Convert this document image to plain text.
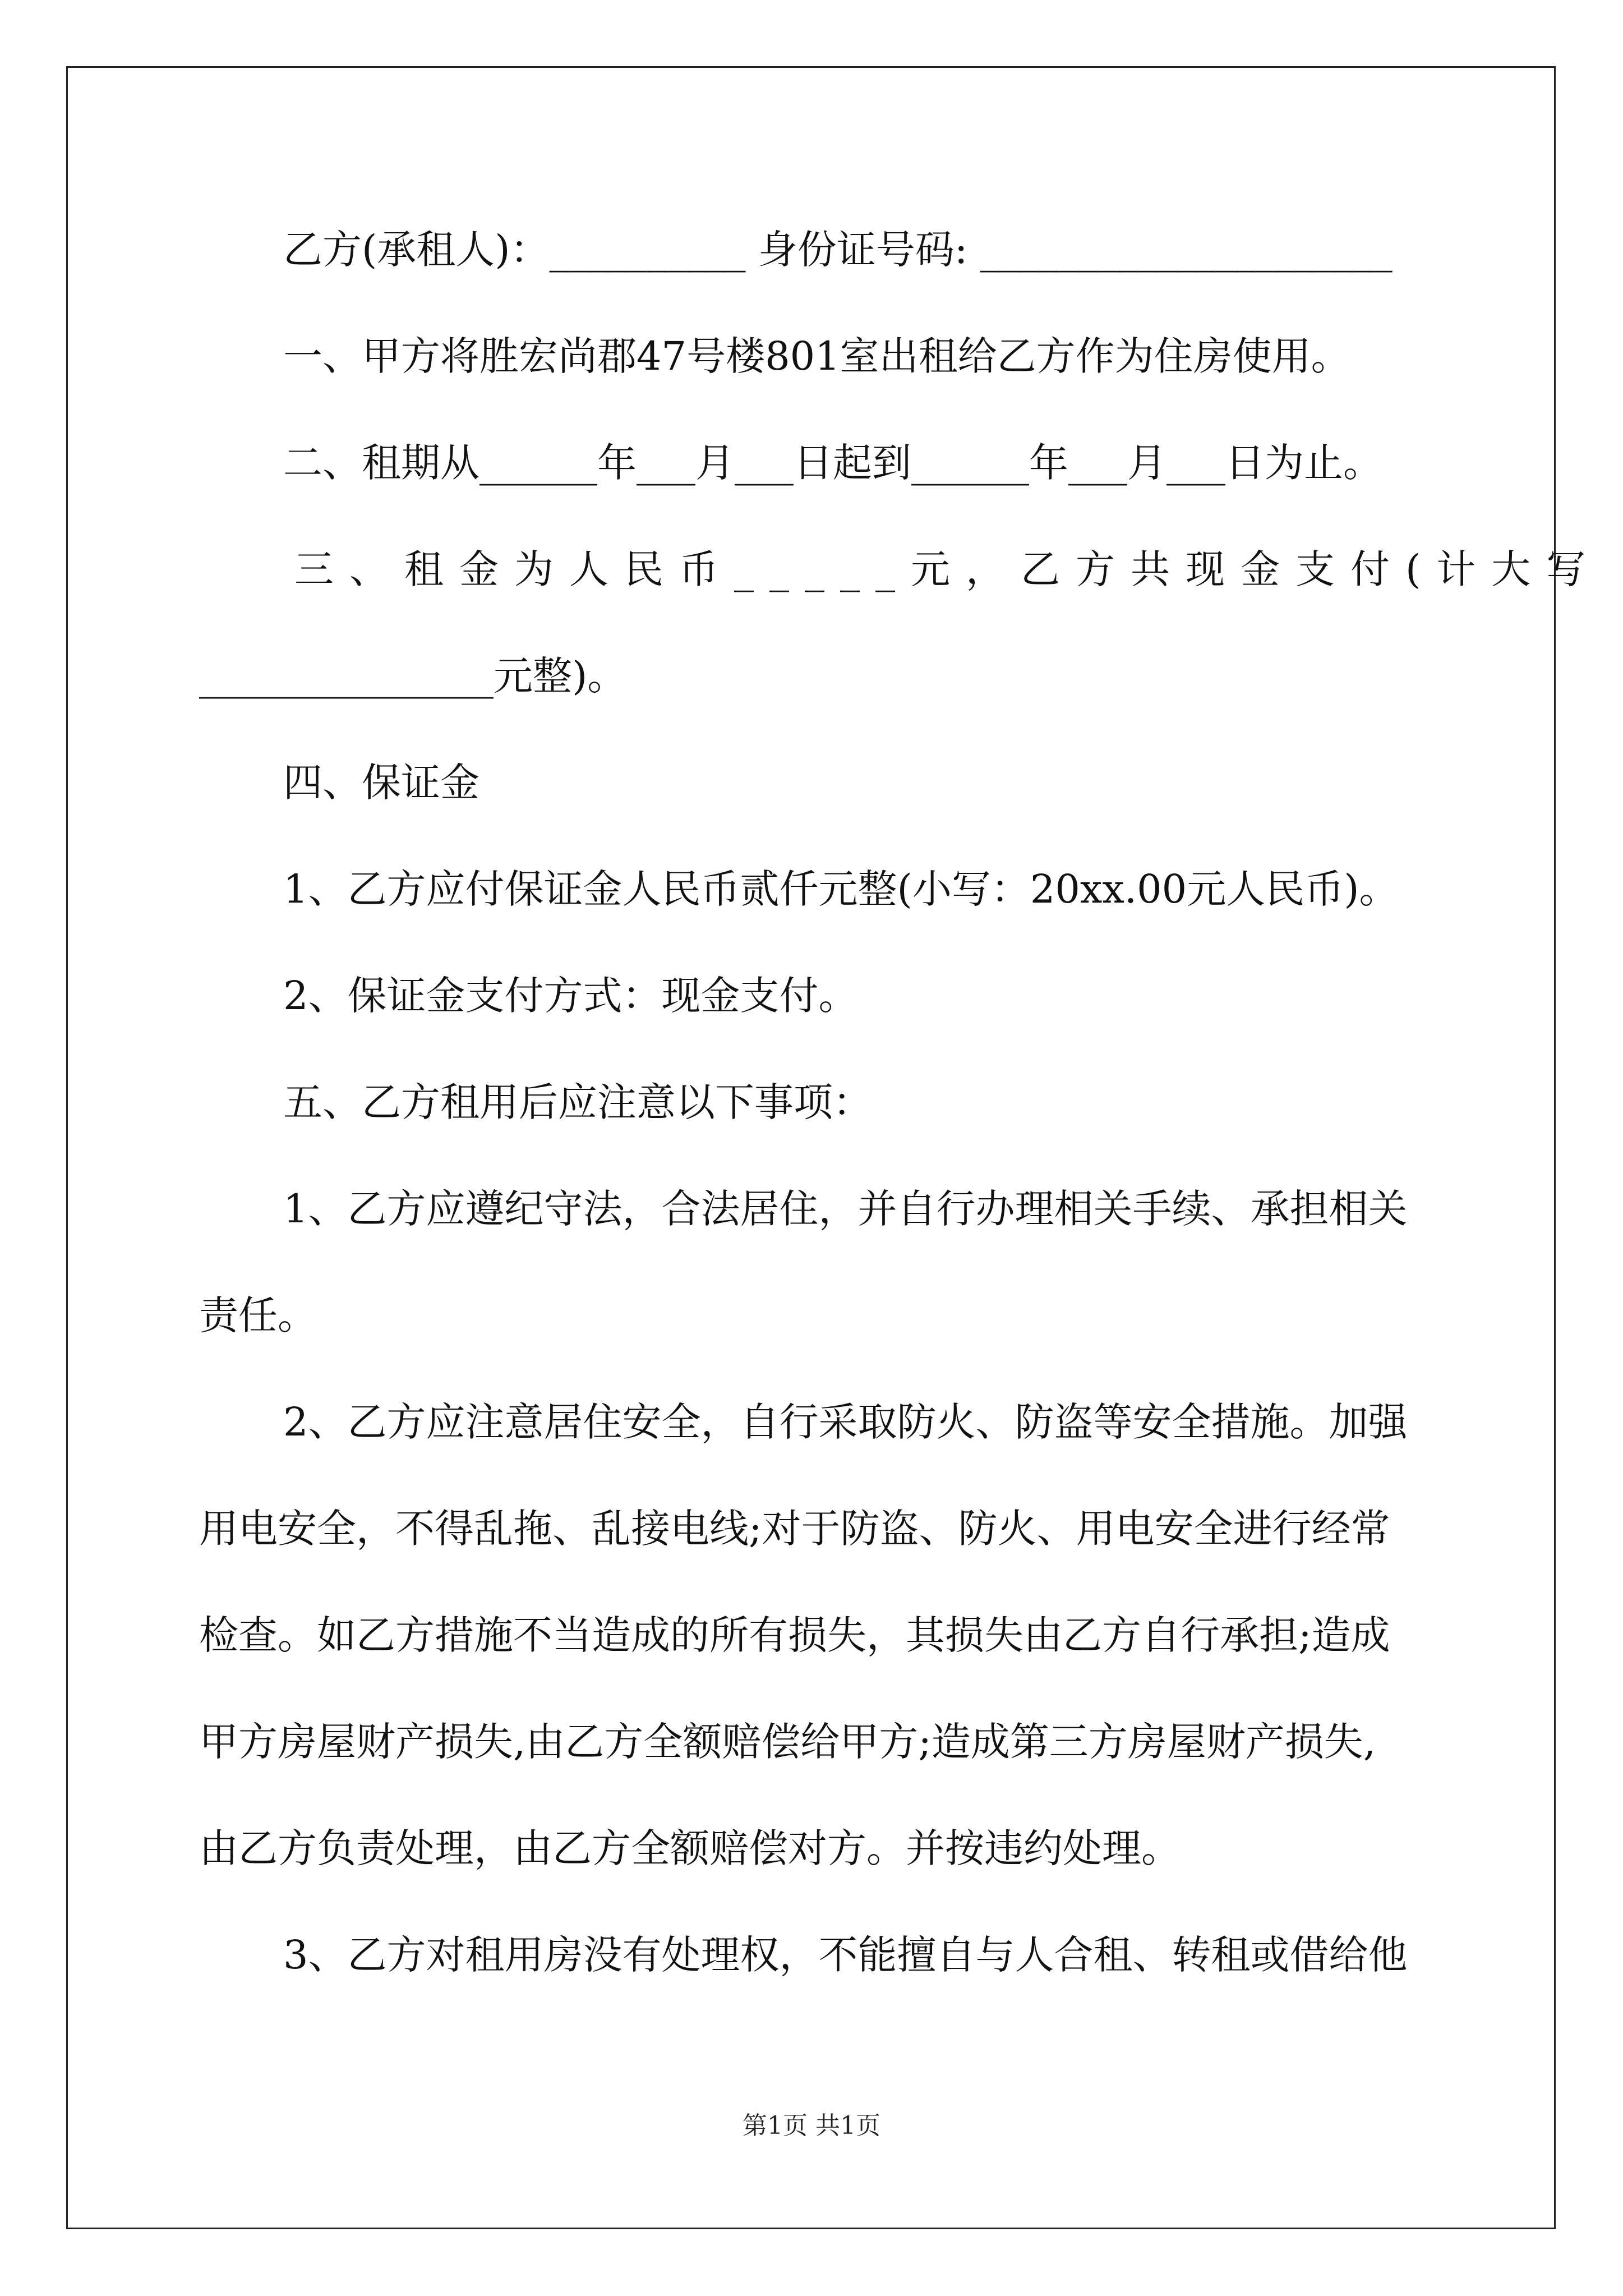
乙方(承租人)：__________ 身份证号码: _____________________
一、甲方将胜宏尚郡47号楼801室出租给乙方作为住房使用。
二、租期从______年___月___日起到______年___月___日为止。
三、租金为人民币_____元，乙方共现金支付(计大写
_______________元整)。
四、保证金
1、乙方应付保证金人民币贰仟元整(小写：20xx.00元人民币)。
2、保证金支付方式：现金支付。
五、乙方租用后应注意以下事项：
1、乙方应遵纪守法，合法居住，并自行办理相关手续、承担相关
责任。
2、乙方应注意居住安全，自行采取防火、防盗等安全措施。加强
用电安全，不得乱拖、乱接电线;对于防盗、防火、用电安全进行经常
检查。如乙方措施不当造成的所有损失，其损失由乙方自行承担;造成
甲方房屋财产损失,由乙方全额赔偿给甲方;造成第三方房屋财产损失,
由乙方负责处理，由乙方全额赔偿对方。并按违约处理。
3、乙方对租用房没有处理权，不能擅自与人合租、转租或借给他
第1页 共1页
